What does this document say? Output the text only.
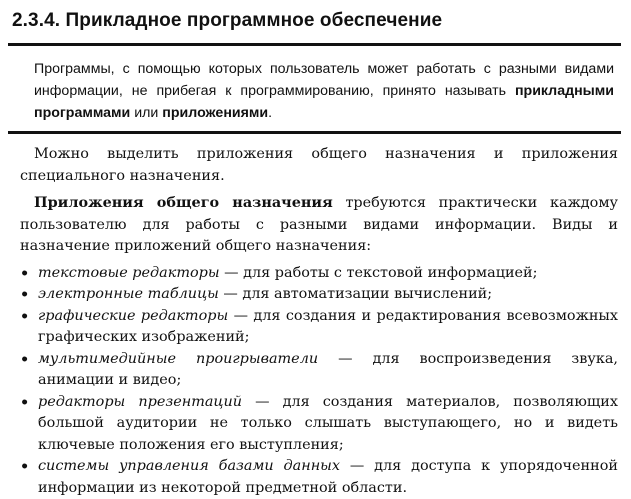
2.3.4. Прикладное программное обеспечение
Программы, с помощью которых пользователь может работать с разными видами информации, не прибегая к программированию, принято называть прикладными программами или приложениями.

Можно выделить приложения общего назначения и приложения специального назначения.

Приложения общего назначения требуются практически каждому пользователю для работы с разными видами информации. Виды и назначение приложений общего назначения:

• текстовые редакторы — для работы с текстовой информацией;
• электронные таблицы — для автоматизации вычислений;
• графические редакторы — для создания и редактирования всевозможных графических изображений;
• мультимедийные проигрыватели — для воспроизведения звука, анимации и видео;
• редакторы презентаций — для создания материалов, позволяющих большой аудитории не только слышать выступающего, но и видеть ключевые положения его выступления;
• системы управления базами данных — для доступа к упорядоченной информации из некоторой предметной области.
